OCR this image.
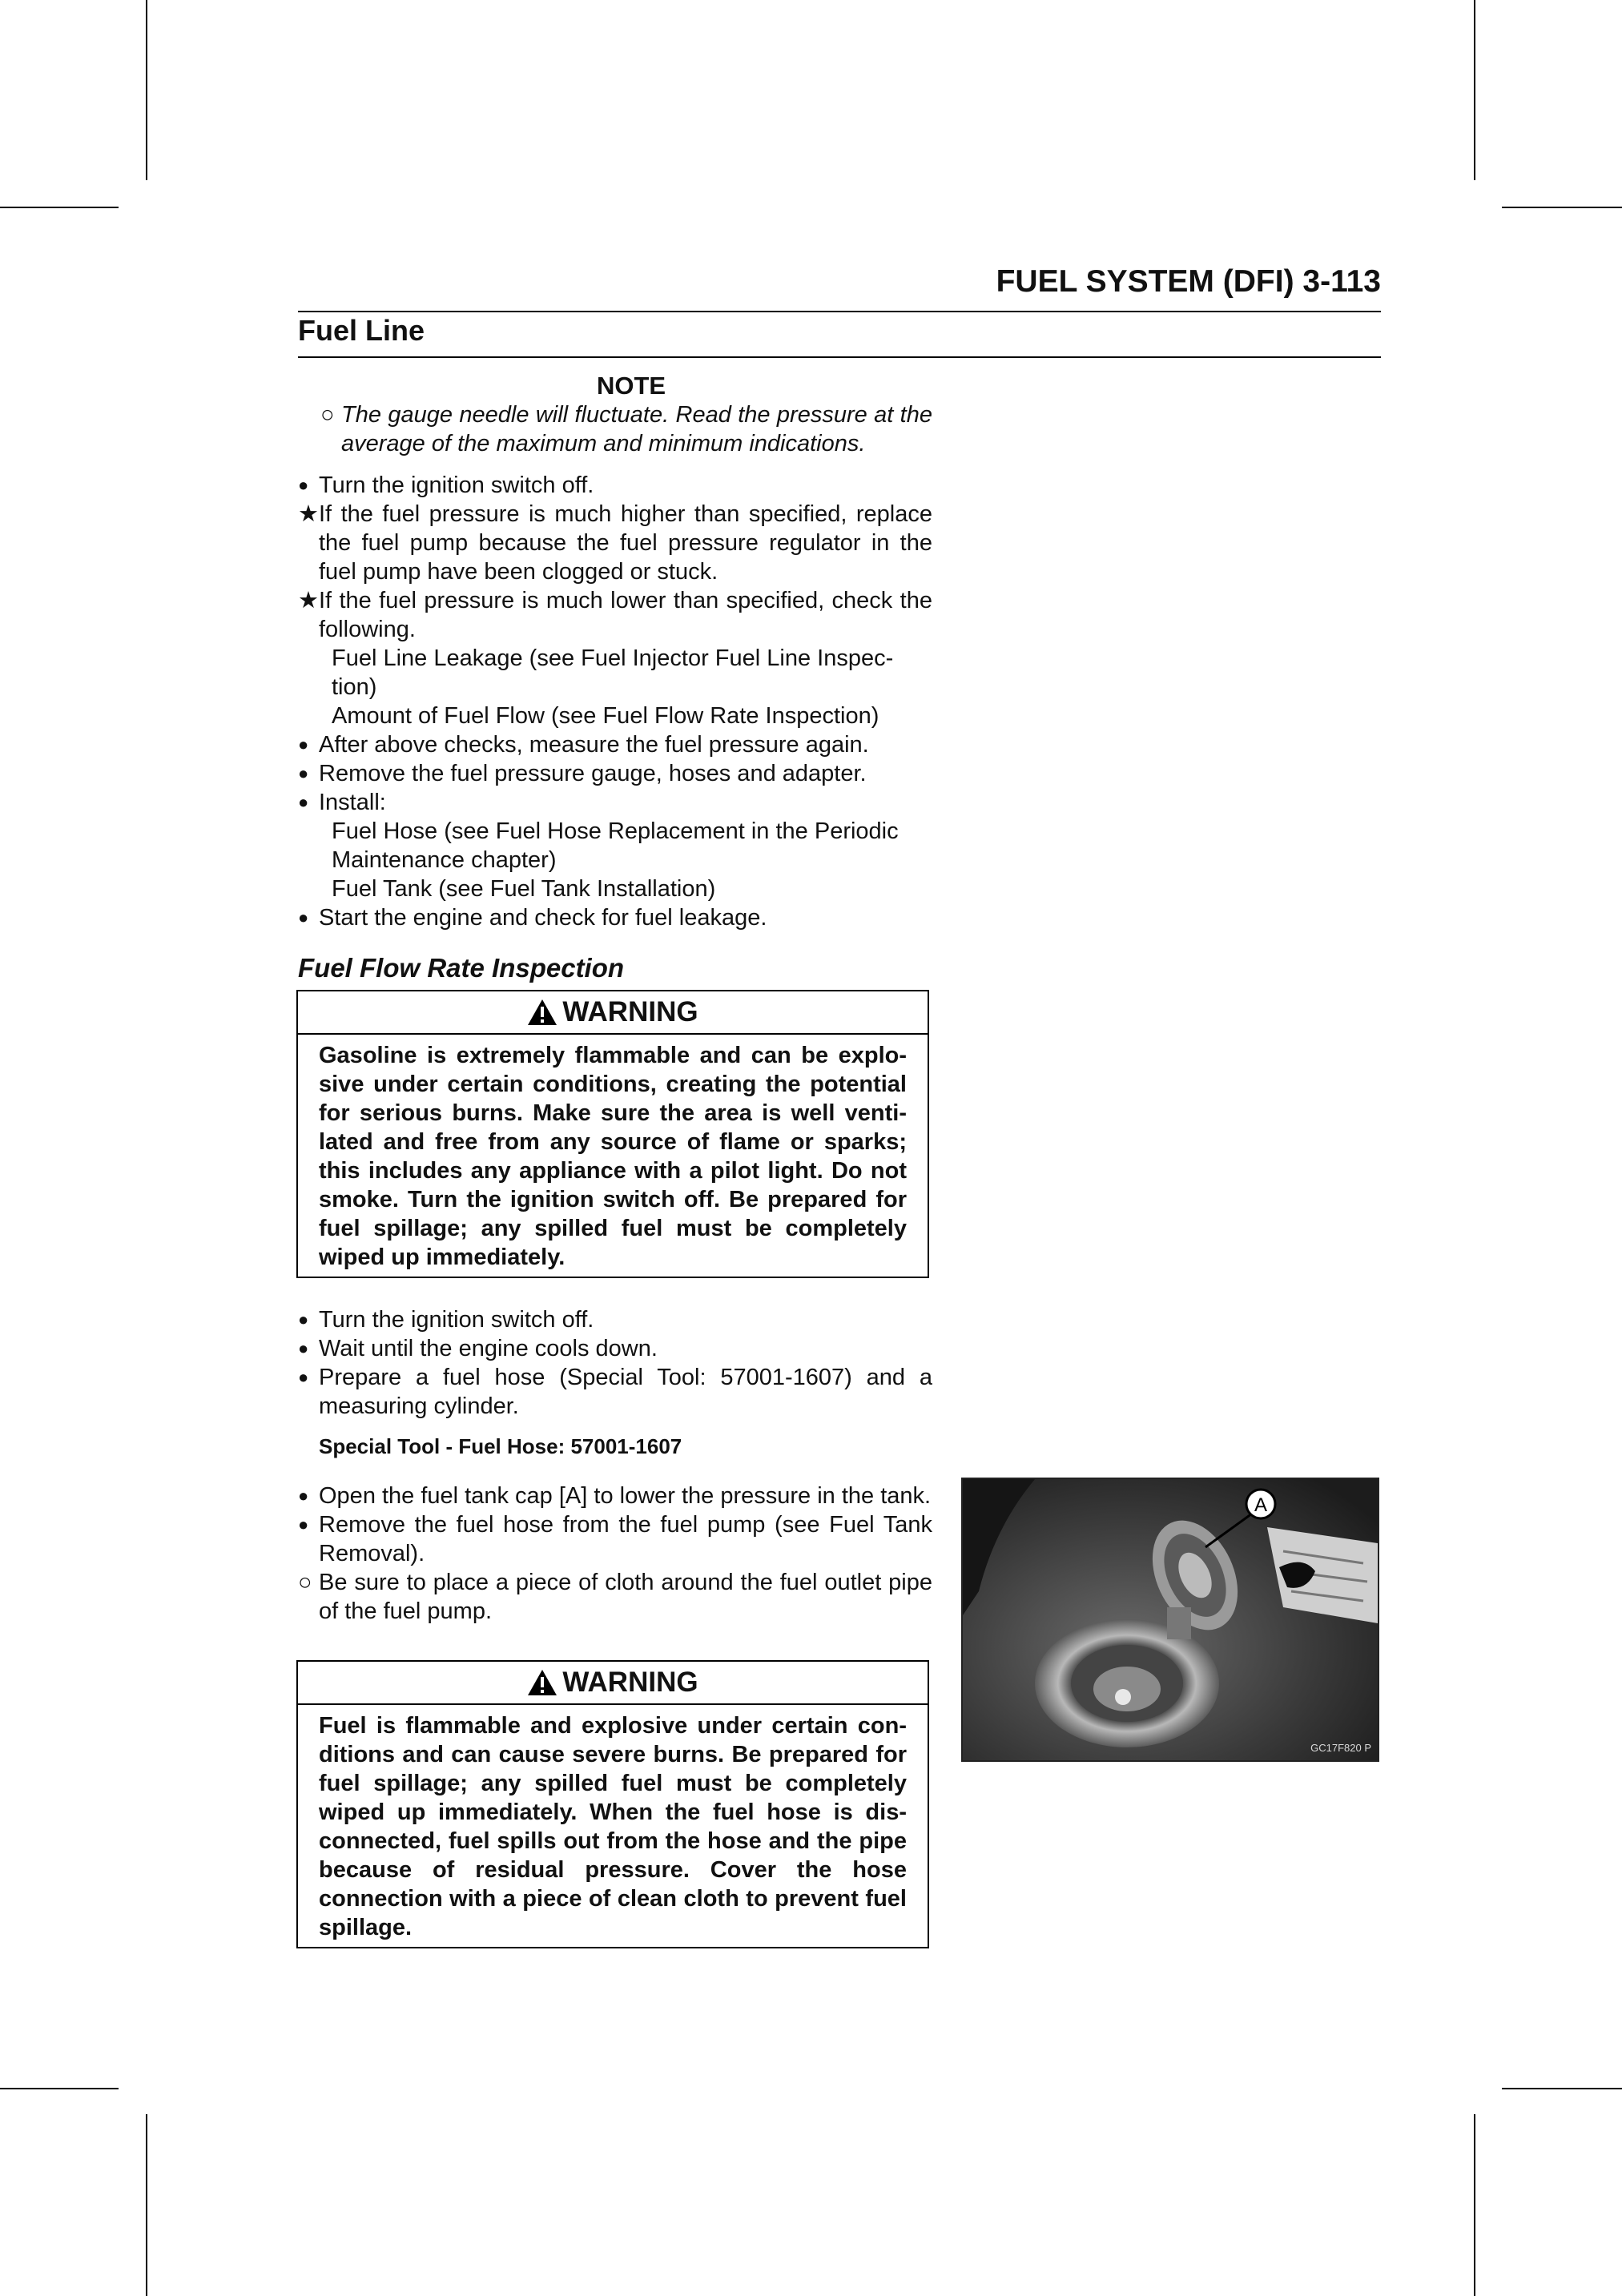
FUEL SYSTEM (DFI) 3-113
Fuel Line
NOTE
○ The gauge needle will fluctuate. Read the pressure at the average of the maximum and minimum indications.
● Turn the ignition switch off.
★ If the fuel pressure is much higher than specified, replace the fuel pump because the fuel pressure regulator in the fuel pump have been clogged or stuck.
★ If the fuel pressure is much lower than specified, check the following.
Fuel Line Leakage (see Fuel Injector Fuel Line Inspec-tion)
Amount of Fuel Flow (see Fuel Flow Rate Inspection)
● After above checks, measure the fuel pressure again.
● Remove the fuel pressure gauge, hoses and adapter.
● Install:
Fuel Hose (see Fuel Hose Replacement in the Periodic Maintenance chapter)
Fuel Tank (see Fuel Tank Installation)
● Start the engine and check for fuel leakage.
Fuel Flow Rate Inspection
WARNING
Gasoline is extremely flammable and can be explo-sive under certain conditions, creating the potential for serious burns. Make sure the area is well venti-lated and free from any source of flame or sparks; this includes any appliance with a pilot light. Do not smoke. Turn the ignition switch off. Be prepared for fuel spillage; any spilled fuel must be completely wiped up immediately.
● Turn the ignition switch off.
● Wait until the engine cools down.
● Prepare a fuel hose (Special Tool: 57001-1607) and a measuring cylinder.
Special Tool - Fuel Hose: 57001-1607
● Open the fuel tank cap [A] to lower the pressure in the tank.
● Remove the fuel hose from the fuel pump (see Fuel Tank Removal).
○ Be sure to place a piece of cloth around the fuel outlet pipe of the fuel pump.
WARNING
Fuel is flammable and explosive under certain con-ditions and can cause severe burns. Be prepared for fuel spillage; any spilled fuel must be completely wiped up immediately. When the fuel hose is dis-connected, fuel spills out from the hose and the pipe because of residual pressure. Cover the hose connection with a piece of clean cloth to prevent fuel spillage.
A
GC17F820 P
